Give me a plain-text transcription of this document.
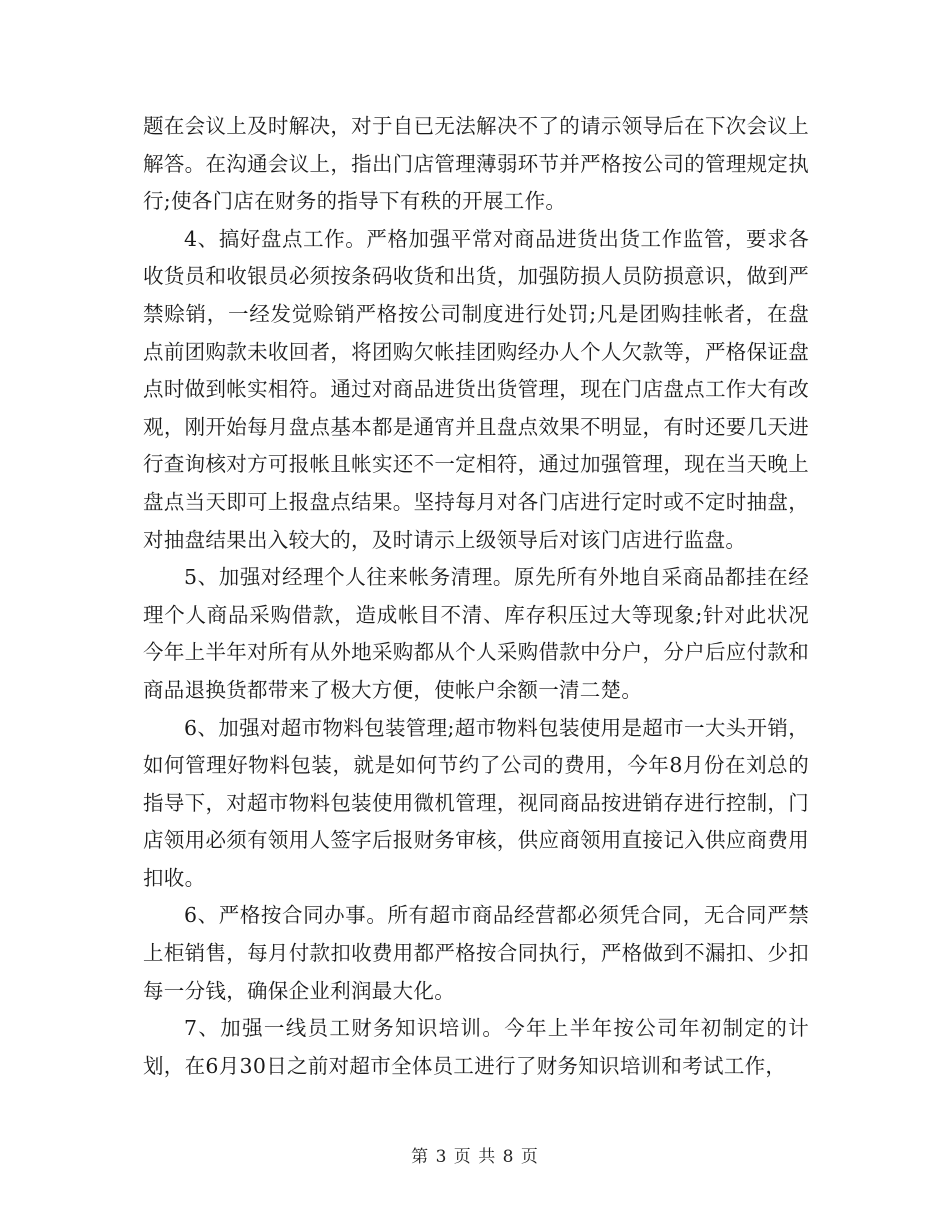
题在会议上及时解决，对于自已无法解决不了的请示领导后在下次会议上解答。在沟通会议上，指出门店管理薄弱环节并严格按公司的管理规定执行;使各门店在财务的指导下有秩的开展工作。

4、搞好盘点工作。严格加强平常对商品进货出货工作监管，要求各收货员和收银员必须按条码收货和出货，加强防损人员防损意识，做到严禁赊销，一经发觉赊销严格按公司制度进行处罚;凡是团购挂帐者，在盘点前团购款未收回者，将团购欠帐挂团购经办人个人欠款等，严格保证盘点时做到帐实相符。通过对商品进货出货管理，现在门店盘点工作大有改观，刚开始每月盘点基本都是通宵并且盘点效果不明显，有时还要几天进行查询核对方可报帐且帐实还不一定相符，通过加强管理，现在当天晚上盘点当天即可上报盘点结果。坚持每月对各门店进行定时或不定时抽盘，对抽盘结果出入较大的，及时请示上级领导后对该门店进行监盘。

5、加强对经理个人往来帐务清理。原先所有外地自采商品都挂在经理个人商品采购借款，造成帐目不清、库存积压过大等现象;针对此状况今年上半年对所有从外地采购都从个人采购借款中分户，分户后应付款和商品退换货都带来了极大方便，使帐户余额一清二楚。

6、加强对超市物料包装管理;超市物料包装使用是超市一大头开销，如何管理好物料包装，就是如何节约了公司的费用，今年8月份在刘总的指导下，对超市物料包装使用微机管理，视同商品按进销存进行控制，门店领用必须有领用人签字后报财务审核，供应商领用直接记入供应商费用扣收。

6、严格按合同办事。所有超市商品经营都必须凭合同，无合同严禁上柜销售，每月付款扣收费用都严格按合同执行，严格做到不漏扣、少扣每一分钱，确保企业利润最大化。

7、加强一线员工财务知识培训。今年上半年按公司年初制定的计划，在6月30日之前对超市全体员工进行了财务知识培训和考试工作，

第 3 页 共 8 页
